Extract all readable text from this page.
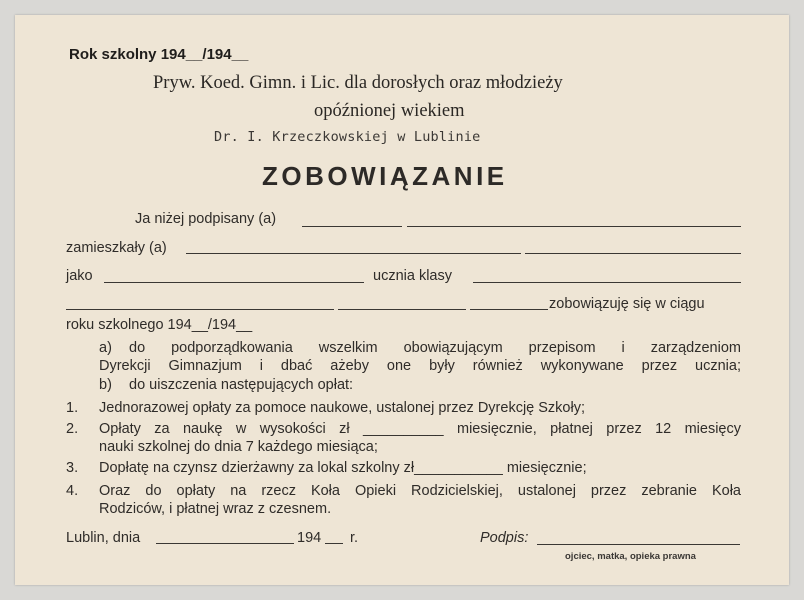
Rok szkolny 194__/194__
Pryw. Koed. Gimn. i Lic. dla dorosłych oraz młodzieży
opóźnionej wiekiem
Dr. I. Krzeczkowskiej w Lublinie
ZOBOWIĄZANIE
Ja niżej podpisany (a)
zamieszkały (a)
jako	ucznia klasy
zobowiązuję się w ciągu
roku szkolnego 194__/194__
a) do podporządkowania wszelkim obowiązującym przepisom i zarządzeniom
Dyrekcji Gimnazjum i dbać ażeby one były również wykonywane przez ucznia;
b) do uiszczenia następujących opłat:
1. Jednorazowej opłaty za pomoce naukowe, ustalonej przez Dyrekcję Szkoły;
2. Opłaty za naukę w wysokości zł __________ miesięcznie, płatnej przez 12 miesięcy
nauki szkolnej do dnia 7 każdego miesiąca;
3. Dopłatę na czynsz dzierżawny za lokal szkolny zł___________ miesięcznie;
4. Oraz do opłaty na rzecz Koła Opieki Rodzicielskiej, ustalonej przez zebranie Koła
Rodziców, i płatnej wraz z czesnem.
Lublin, dnia	194 r.	Podpis:
ojciec, matka, opieka prawna
